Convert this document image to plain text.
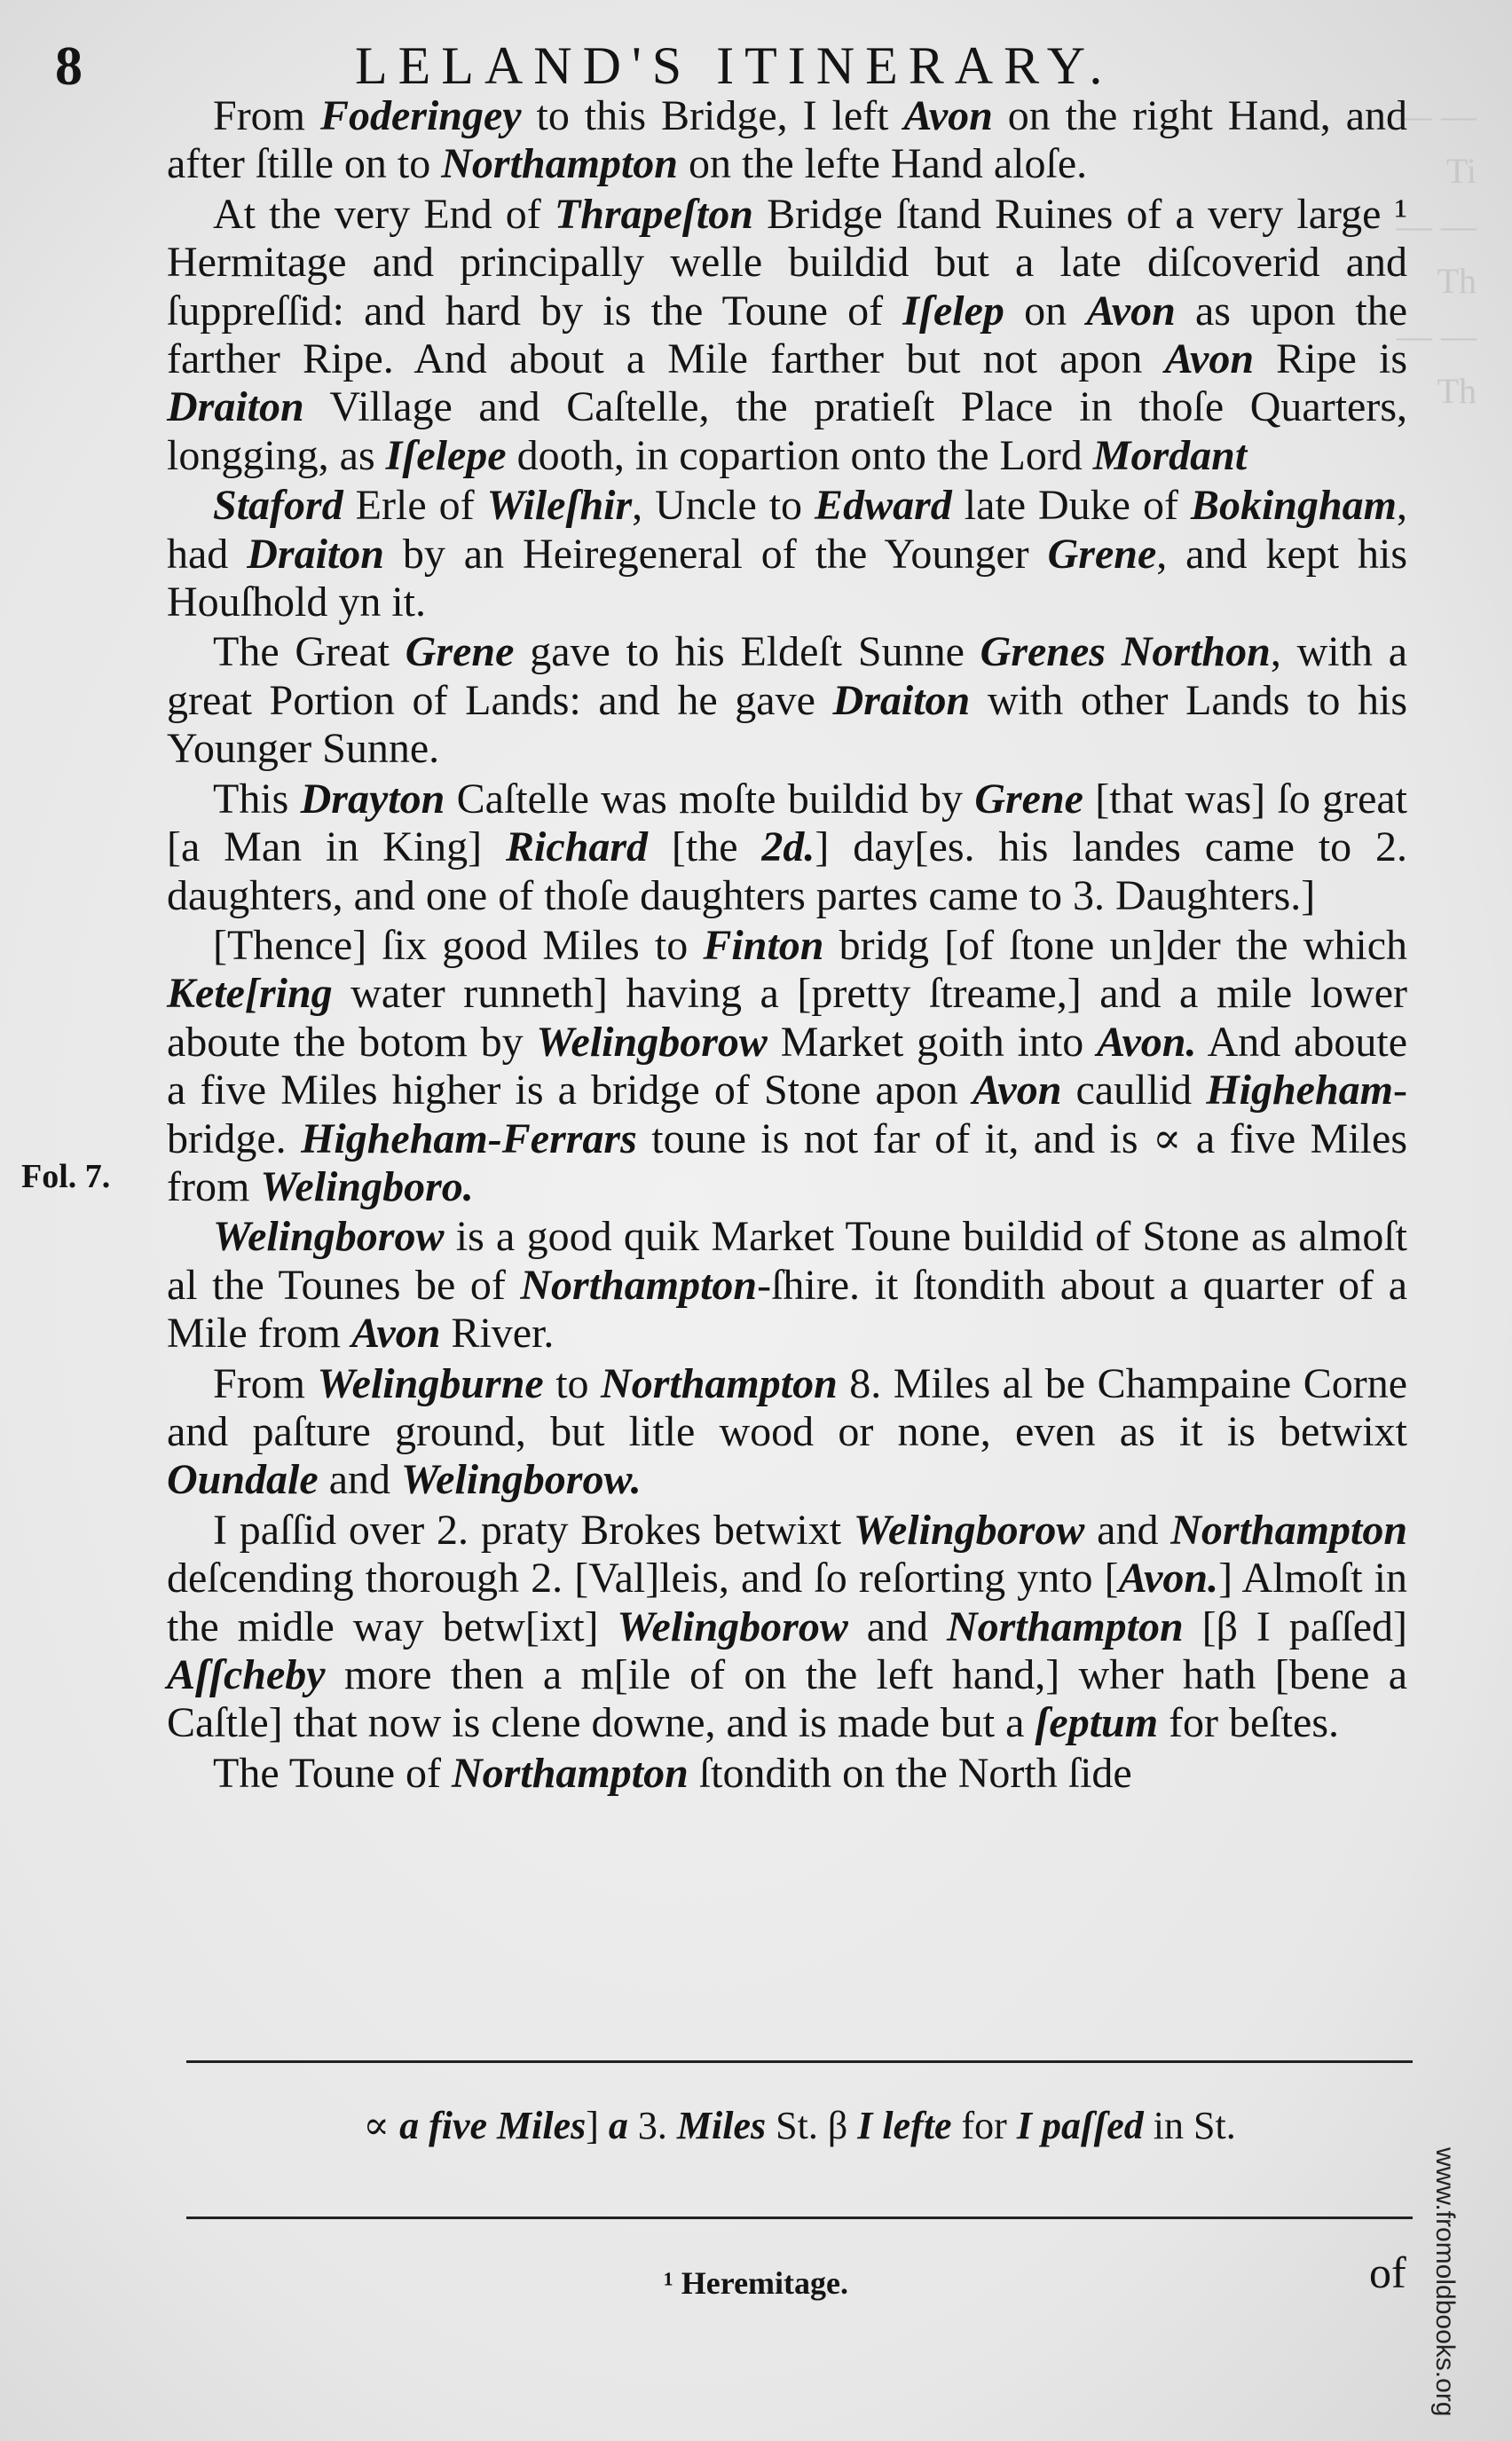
— —
Ti
— —
Th
— —
Th
8	LELAND'S ITINERARY.

From Foderingey to this Bridge, I left Avon on the right Hand, and after ſtille on to Northampton on the lefte Hand aloſe.

At the very End of Thrapeſton Bridge ſtand Ruines of a very large ¹ Hermitage and principally welle buildid but a late diſcoverid and ſuppreſſid: and hard by is the Toune of Iſelep on Avon as upon the farther Ripe. And about a Mile farther but not apon Avon Ripe is Draiton Village and Caſtelle, the pratieſt Place in thoſe Quarters, longging, as Iſelepe dooth, in copartion onto the Lord Mordant

Staford Erle of Wileſhir, Uncle to Edward late Duke of Bokingham, had Draiton by an Heiregeneral of the Younger Grene, and kept his Houſhold yn it.

The Great Grene gave to his Eldeſt Sunne Grenes Northon, with a great Portion of Lands: and he gave Draiton with other Lands to his Younger Sunne.

This Drayton Caſtelle was moſte buildid by Grene [that was] ſo great [a Man in King] Richard [the 2d.] day[es. his landes came to 2. daughters, and one of thoſe daughters partes came to 3. Daughters.]

[Thence] ſix good Miles to Finton bridg [of ſtone un]der the which Kete[ring water runneth] having a [pretty ſtreame,] and a mile lower aboute the botom by Welingborow Market goith into Avon. And aboute a five Miles higher is a bridge of Stone apon Avon caullid Higheham-bridge. Higheham-Ferrars toune is not far of it, and is ∝ a five Miles from Welingboro.

Welingborow is a good quik Market Toune buildid of Stone as almoſt al the Tounes be of Northampton-ſhire. it ſtondith about a quarter of a Mile from Avon River.

From Welingburne to Northampton 8. Miles al be Champaine Corne and paſture ground, but litle wood or none, even as it is betwixt Oundale and Welingborow.

I paſſid over 2. praty Brokes betwixt Welingborow and Northampton deſcending thorough 2. [Val]leis, and ſo reſorting ynto [Avon.] Almoſt in the midle way betw[ixt] Welingborow and Northampton [β I paſſed] Aſſcheby more then a m[ile of on the left hand,] wher hath [bene a Caſtle] that now is clene downe, and is made but a ſeptum for beſtes.

The Toune of Northampton ſtondith on the North ſide

Fol. 7.
∝ a five Miles] a 3. Miles St. β I lefte for I paſſed in St.
¹ Heremitage.	of www.fromoldbooks.org
